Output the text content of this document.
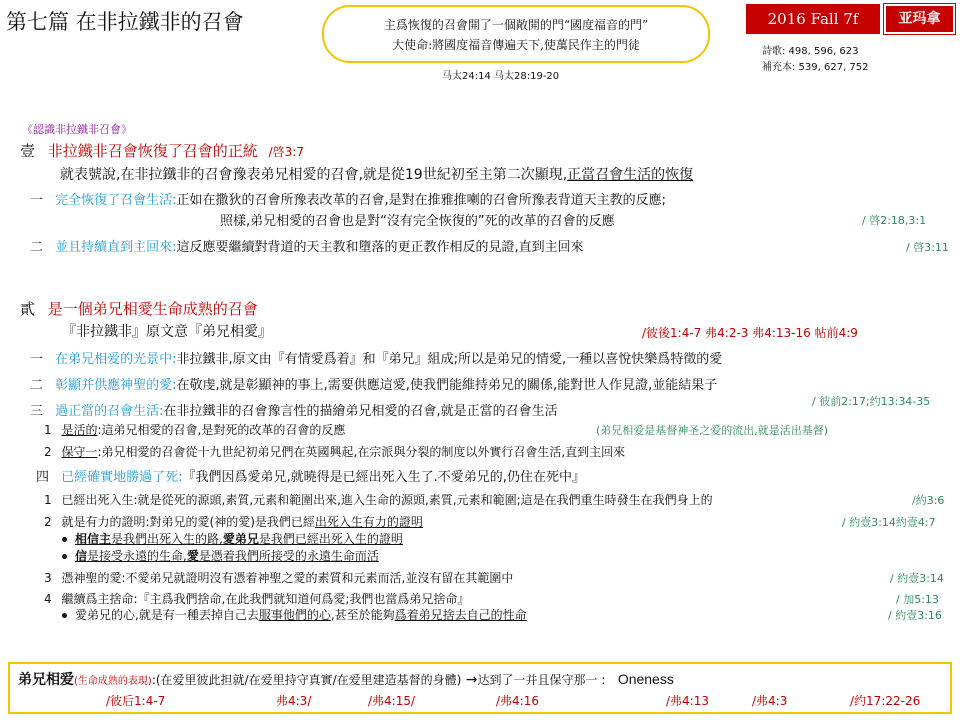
第七篇 在非拉鐵非的召會	主爲恢復的召會開了一個敞開的門“國度福音的門”
大使命:將國度福音傳遍天下,使萬民作主的門徒
马太24:14 马太28:19-20
2016 Fall 7f	亚玛拿
詩歌: 498, 596, 623
補充本: 539, 627, 752
《認識非拉鐵非召會》
壹 非拉鐵非召會恢復了召會的正統 /啓3:7
就表號說,在非拉鐵非的召會豫表弟兄相愛的召會,就是從19世紀初至主第二次顯現,正當召會生活的恢復
一 完全恢復了召會生活:正如在撒狄的召會所豫表改革的召會,是對在推雅推喇的召會所豫表背道天主教的反應;
照樣,弟兄相愛的召會也是對“沒有完全恢復的”死的改革的召會的反應	/ 啓2:18,3:1
二 並且持續直到主回來:這反應要繼續對背道的天主教和墮落的更正教作相反的見證,直到主回來	/ 啓3:11
貳 是一個弟兄相愛生命成熟的召會
『非拉鐵非』原文意『弟兄相愛』	/彼後1:4-7 弗4:2-3 弗4:13-16 帖前4:9
一 在弟兄相爱的光景中:非拉鐵非,原文由『有情愛爲着』和『弟兄』組成;所以是弟兄的情愛,一種以喜悅快樂爲特徵的愛
二 彰顯并供應神聖的愛:在敬虔,就是彰顯神的事上,需要供應這愛,使我們能維持弟兄的關係,能對世人作見證,並能結果子
/ 彼前2:17;约13:34-35
三 過正當的召會生活:在非拉鐵非的召會豫言性的描繪弟兄相愛的召會,就是正當的召會生活
1 是活的:這弟兄相愛的召會,是對死的改革的召會的反應	(弟兄相爱是基督神圣之爱的流出,就是活出基督)
2 保守一:弟兄相愛的召會從十九世紀初弟兄們在英國興起,在宗派與分裂的制度以外實行召會生活,直到主回來
四 已經確實地勝過了死:『我們因爲愛弟兄,就曉得是已經出死入生了.不愛弟兄的,仍住在死中』
1 已經出死入生:就是從死的源頭,素質,元素和範圍出來,進入生命的源頭,素質,元素和範圍;這是在我們重生時發生在我們身上的	/約3:6
2 就是有力的證明:對弟兄的愛(神的愛)是我們已經出死入生有力的證明	/ 約壹3:14約壹4:7
相信主是我們出死入生的路,愛弟兄是我們已經出死入生的證明
信是接受永遠的生命,愛是憑着我們所接受的永遠生命而活
3 憑神聖的愛:不愛弟兄就證明沒有憑着神聖之愛的素質和元素而活,並沒有留在其範圍中	/ 約壹3:14
4 繼續爲主捨命:『主爲我們捨命,在此我們就知道何爲愛;我們也當爲弟兄捨命』	/ 加5:13
愛弟兄的心,就是有一種丟掉自己去服事他們的心,甚至於能夠爲着弟兄捨去自己的性命	/ 約壹3:16
弟兄相爱(生命成熟的表現):(在爱里彼此担就/在爱里持守真實/在爱里建造基督的身體) →达到了一并且保守那一 : Oneness
/彼后1:4-7	弗4:3/	/弗4:15/	/弗4:16	/弗4:13	/弗4:3	/约17:22-26
